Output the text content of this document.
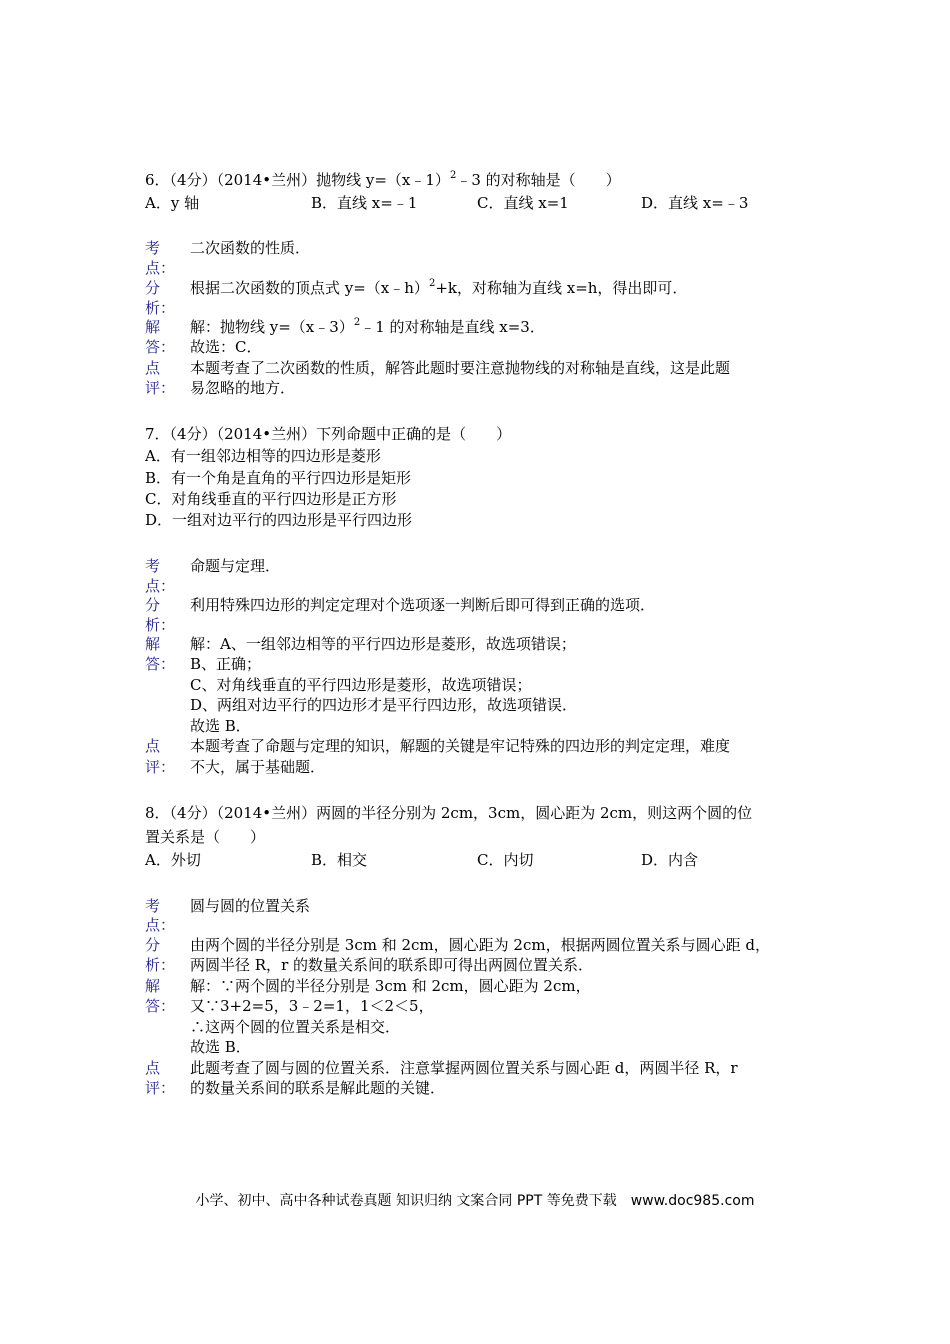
6．（4分）（2014•兰州）抛物线 y=（x﹣1）$^2$﹣3 的对称轴是（　　）
A．y 轴	B．直线 x=﹣1	C．直线 x=1	D．直线 x=﹣3
考
点：
二次函数的性质．
分
析：
根据二次函数的顶点式 y=（x﹣h）$^2$+k，对称轴为直线 x=h，得出即可．
解
答：
解：抛物线 y=（x﹣3）$^2$﹣1 的对称轴是直线 x=3．
故选：C．
点
评：
本题考查了二次函数的性质，解答此题时要注意抛物线的对称轴是直线，这是此题
易忽略的地方．
7．（4分）（2014•兰州）下列命题中正确的是（　　）
A．有一组邻边相等的四边形是菱形
B．有一个角是直角的平行四边形是矩形
C．对角线垂直的平行四边形是正方形
D．一组对边平行的四边形是平行四边形
考
点：
命题与定理．
分
析：
利用特殊四边形的判定定理对个选项逐一判断后即可得到正确的选项．
解
答：
解：A、一组邻边相等的平行四边形是菱形，故选项错误；
B、正确；
C、对角线垂直的平行四边形是菱形，故选项错误；
D、两组对边平行的四边形才是平行四边形，故选项错误．
故选 B．
点
评：
本题考查了命题与定理的知识，解题的关键是牢记特殊的四边形的判定定理，难度
不大，属于基础题．
8．（4分）（2014•兰州）两圆的半径分别为 2cm，3cm，圆心距为 2cm，则这两个圆的位
置关系是（　　）
A．外切	B．相交	C．内切	D．内含
考
点：
圆与圆的位置关系
分
析：
由两个圆的半径分别是 3cm 和 2cm，圆心距为 2cm，根据两圆位置关系与圆心距 d，
两圆半径 R，r 的数量关系间的联系即可得出两圆位置关系．
解
答：
解：∵两个圆的半径分别是 3cm 和 2cm，圆心距为 2cm，
又∵3+2=5，3﹣2=1，1＜2＜5，
∴这两个圆的位置关系是相交．
故选 B．
点
评：
此题考查了圆与圆的位置关系．注意掌握两圆位置关系与圆心距 d，两圆半径 R，r
的数量关系间的联系是解此题的关键．
小学、初中、高中各种试卷真题 知识归纳 文案合同 PPT 等免费下载　www.doc985.com
